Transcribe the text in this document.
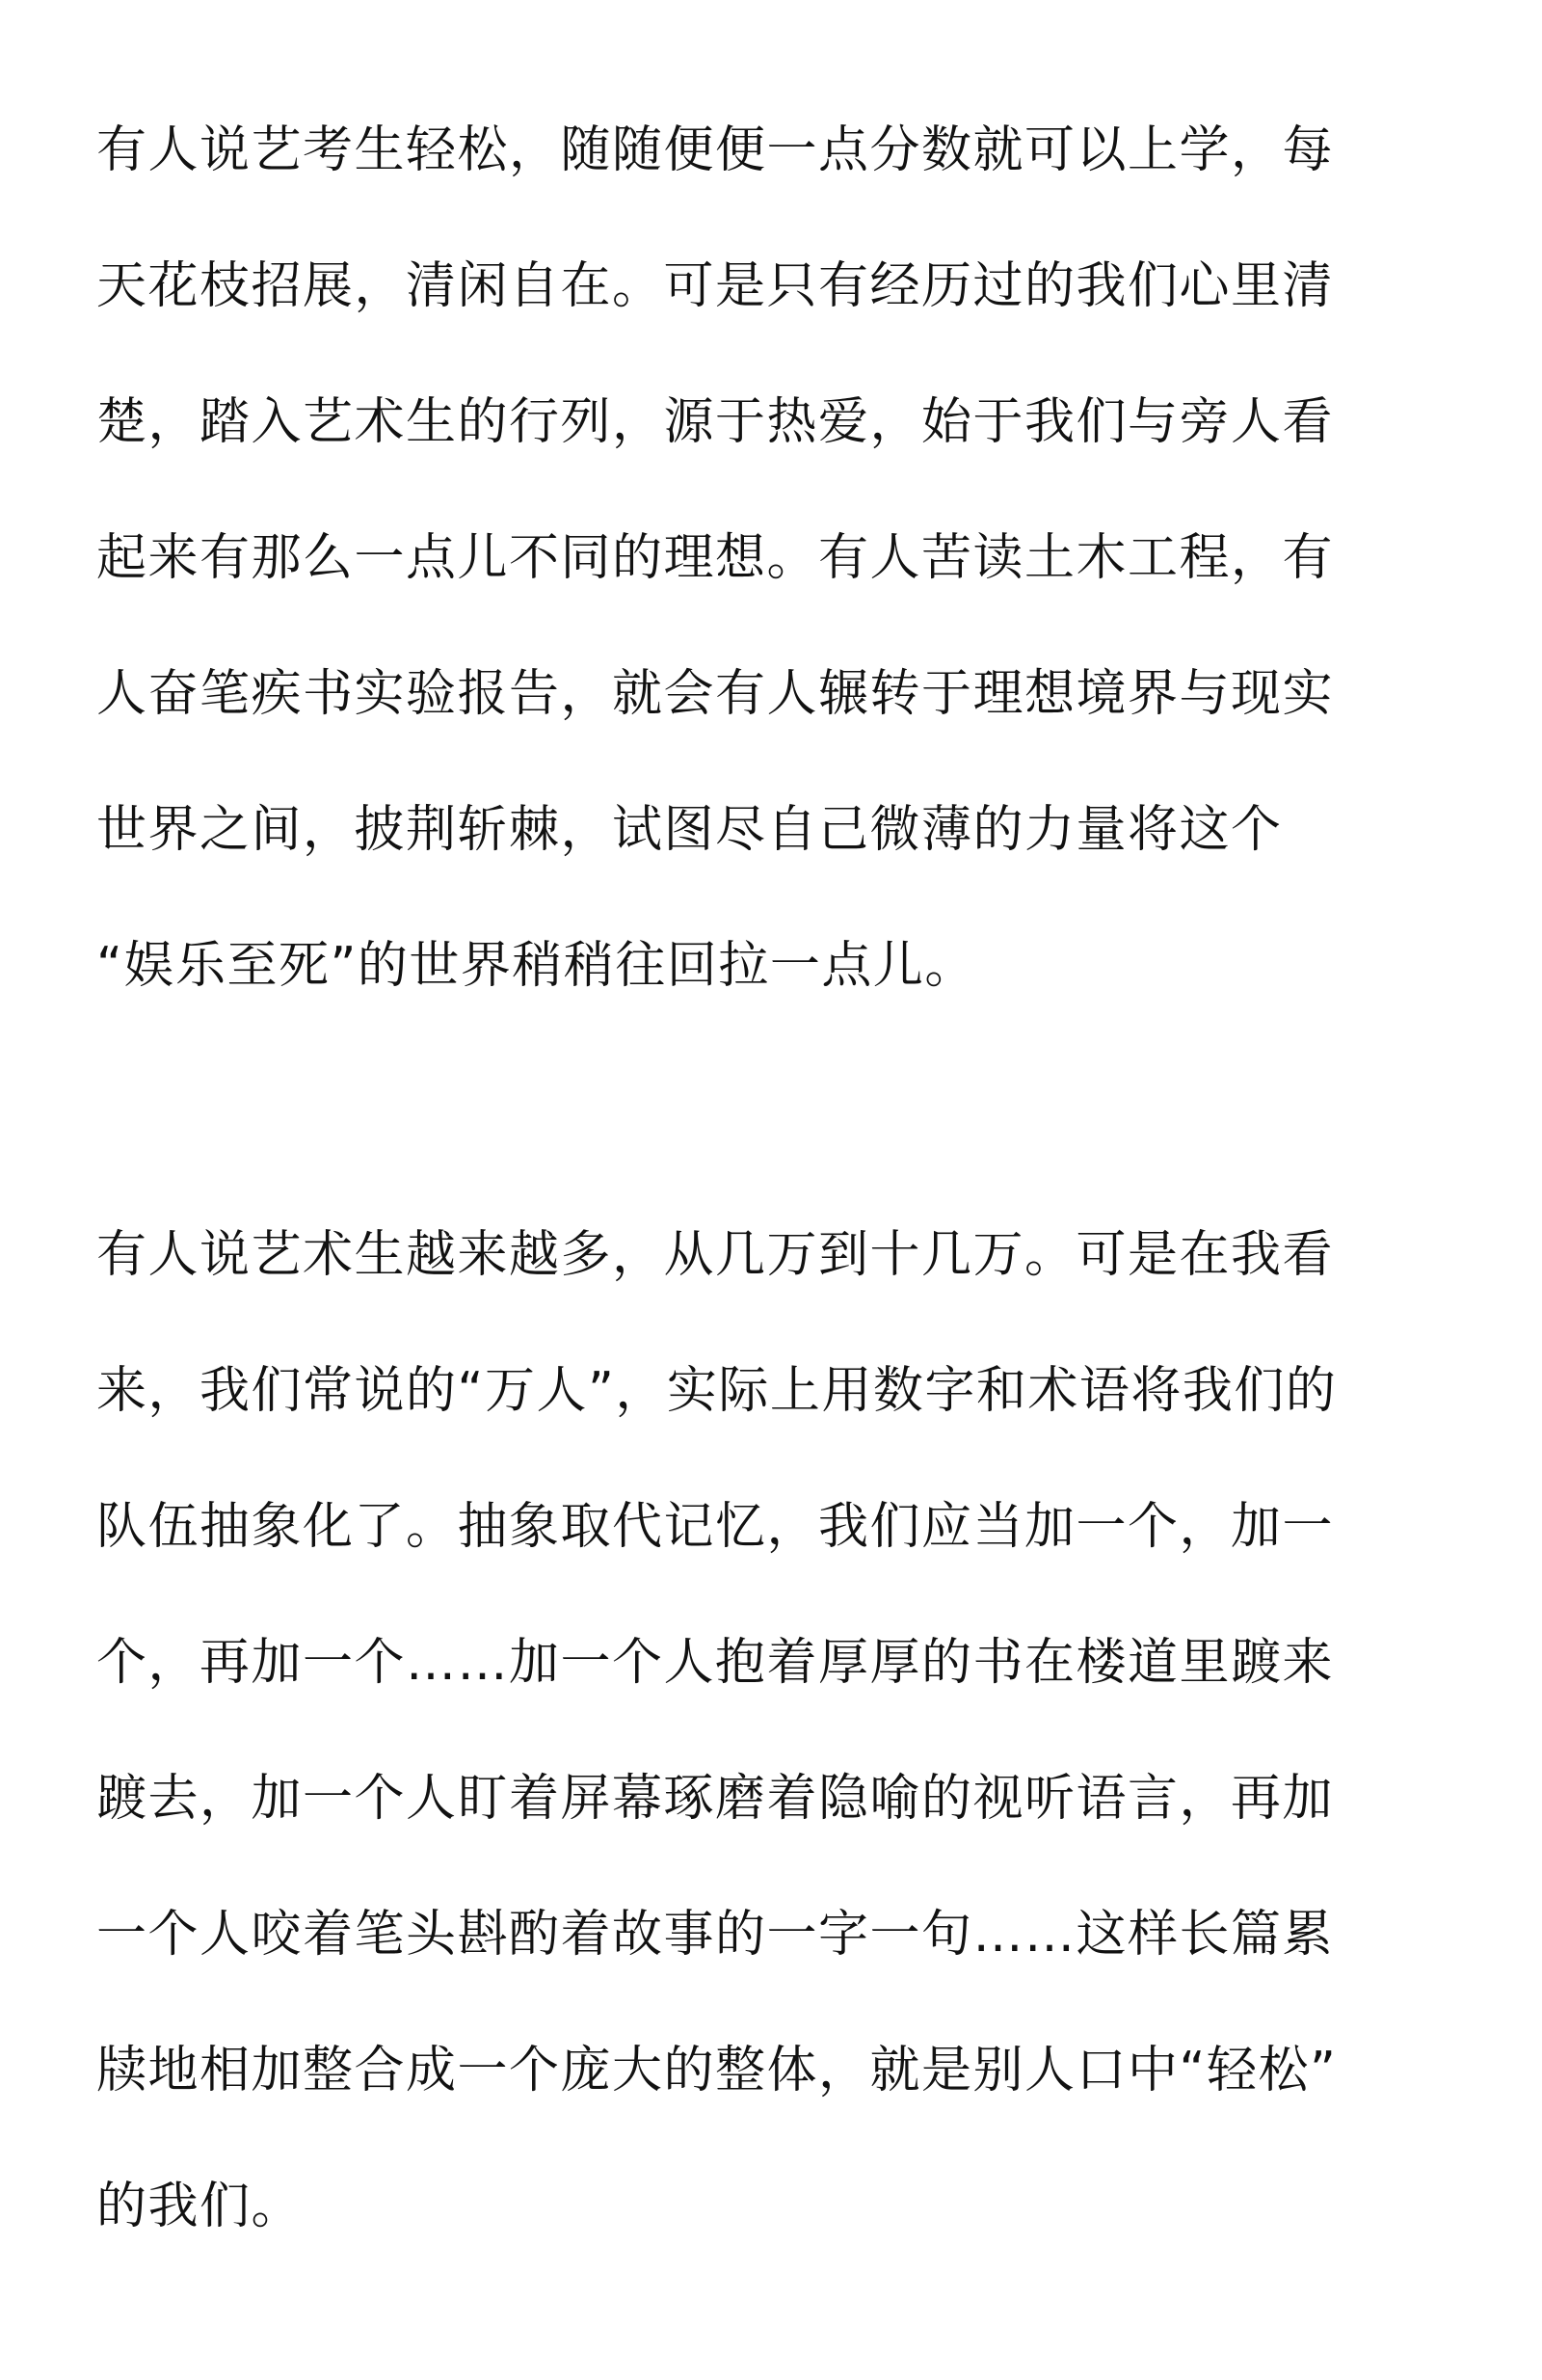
有人说艺考生轻松，随随便便一点分数就可以上学，每
天花枝招展，清闲自在。可是只有经历过的我们心里清
楚，踏入艺术生的行列，源于热爱，始于我们与旁人看
起来有那么一点儿不同的理想。有人苦读土木工程，有
人奋笔疾书实验报告，就会有人辗转于理想境界与现实
世界之间，披荆斩棘，试图尽自己微薄的力量将这个
“娱乐至死”的世界稍稍往回拉一点儿。
有人说艺术生越来越多，从几万到十几万。可是在我看
来，我们常说的“万人”，实际上用数字和术语将我们的
队伍抽象化了。抽象取代记忆，我们应当加一个，加一
个，再加一个……加一个人抱着厚厚的书在楼道里踱来
踱去，加一个人盯着屏幕琢磨着隐喻的视听语言，再加
一个人咬着笔头斟酌着故事的一字一句……这样长篇累
牍地相加整合成一个庞大的整体，就是别人口中“轻松”
的我们。
